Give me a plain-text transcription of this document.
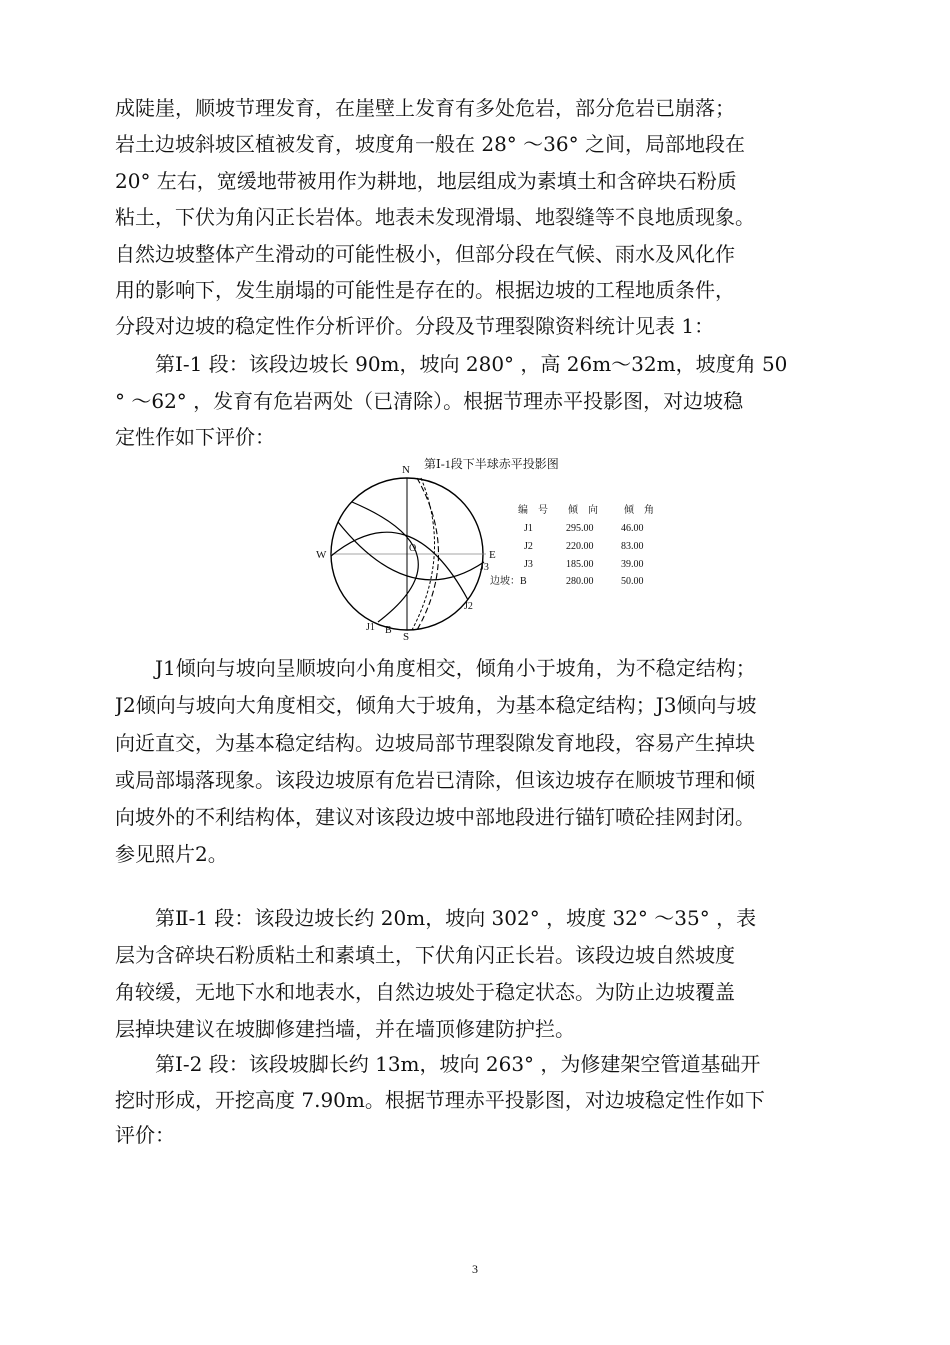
成陡崖，顺坡节理发育，在崖壁上发育有多处危岩，部分危岩已崩落；
岩土边坡斜坡区植被发育，坡度角一般在 28° ～36° 之间，局部地段在
20° 左右，宽缓地带被用作为耕地，地层组成为素填土和含碎块石粉质
粘土，下伏为角闪正长岩体。地表未发现滑塌、地裂缝等不良地质现象。
自然边坡整体产生滑动的可能性极小，但部分段在气候、雨水及风化作
用的影响下，发生崩塌的可能性是存在的。根据边坡的工程地质条件，
分段对边坡的稳定性作分析评价。分段及节理裂隙资料统计见表 1：
　　第Ⅰ-1 段：该段边坡长 90m，坡向 280° ，高 26m～32m，坡度角 50
° ～62° ，发育有危岩两处（已清除）。根据节理赤平投影图，对边坡稳
定性作如下评价：
第Ⅰ-1段下半球赤平投影图
N
S
W	E
O
J1
J2
J3
B
编　号 倾　向	倾　角
J1	295.00	46.00
J2	220.00	83.00
J3	185.00	39.00
边坡：B	280.00	50.00
　　J1倾向与坡向呈顺坡向小角度相交，倾角小于坡角，为不稳定结构；
J2倾向与坡向大角度相交，倾角大于坡角，为基本稳定结构；J3倾向与坡
向近直交，为基本稳定结构。边坡局部节理裂隙发育地段，容易产生掉块
或局部塌落现象。该段边坡原有危岩已清除，但该边坡存在顺坡节理和倾
向坡外的不利结构体，建议对该段边坡中部地段进行锚钉喷砼挂网封闭。
参见照片2。
　　第Ⅱ-1 段：该段边坡长约 20m，坡向 302° ，坡度 32° ～35° ，表
层为含碎块石粉质粘土和素填土，下伏角闪正长岩。该段边坡自然坡度
角较缓，无地下水和地表水，自然边坡处于稳定状态。为防止边坡覆盖
层掉块建议在坡脚修建挡墙，并在墙顶修建防护拦。
　　第Ⅰ-2 段：该段坡脚长约 13m，坡向 263° ，为修建架空管道基础开
挖时形成，开挖高度 7.90m。根据节理赤平投影图，对边坡稳定性作如下
评价：
3
